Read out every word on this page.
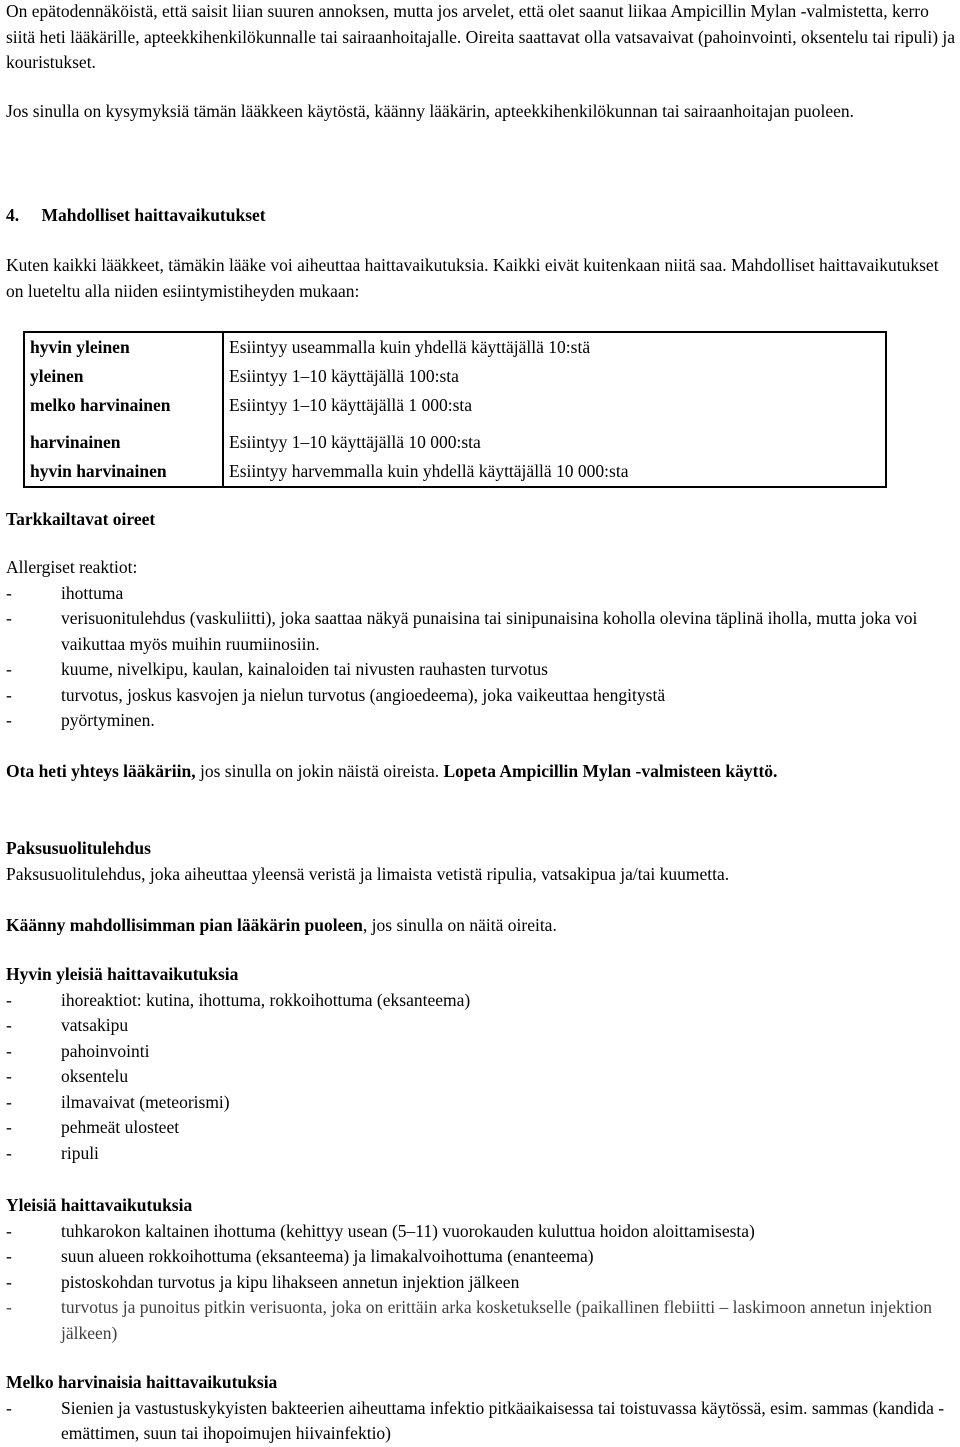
On epätodennäköistä, että saisit liian suuren annoksen, mutta jos arvelet, että olet saanut liikaa Ampicillin Mylan -valmistetta, kerro siitä heti lääkärille, apteekkihenkilökunnalle tai sairaanhoitajalle. Oireita saattavat olla vatsavaivat (pahoinvointi, oksentelu tai ripuli) ja kouristukset.

Jos sinulla on kysymyksiä tämän lääkkeen käytöstä, käänny lääkärin, apteekkihenkilökunnan tai sairaanhoitajan puoleen.

4. Mahdolliset haittavaikutukset

Kuten kaikki lääkkeet, tämäkin lääke voi aiheuttaa haittavaikutuksia. Kaikki eivät kuitenkaan niitä saa. Mahdolliset haittavaikutukset on lueteltu alla niiden esiintymistiheyden mukaan:

hyvin yleinen	Esiintyy useammalla kuin yhdellä käyttäjällä 10:stä
yleinen	Esiintyy 1–10 käyttäjällä 100:sta
melko harvinainen	Esiintyy 1–10 käyttäjällä 1 000:sta
harvinainen	Esiintyy 1–10 käyttäjällä 10 000:sta
hyvin harvinainen	Esiintyy harvemmalla kuin yhdellä käyttäjällä 10 000:sta

Tarkkailtavat oireet

Allergiset reaktiot:

-	ihottuma
-	verisuonitulehdus (vaskuliitti), joka saattaa näkyä punaisina tai sinipunaisina koholla olevina täplinä iholla, mutta joka voi vaikuttaa myös muihin ruumiinosiin.
-	kuume, nivelkipu, kaulan, kainaloiden tai nivusten rauhasten turvotus
-	turvotus, joskus kasvojen ja nielun turvotus (angioedeema), joka vaikeuttaa hengitystä
-	pyörtyminen.

Ota heti yhteys lääkäriin, jos sinulla on jokin näistä oireista. Lopeta Ampicillin Mylan -valmisteen käyttö.

Paksusuolitulehdus

Paksusuolitulehdus, joka aiheuttaa yleensä veristä ja limaista vetistä ripulia, vatsakipua ja/tai kuumetta.

Käänny mahdollisimman pian lääkärin puoleen, jos sinulla on näitä oireita.

Hyvin yleisiä haittavaikutuksia

-	ihoreaktiot: kutina, ihottuma, rokkoihottuma (eksanteema)
-	vatsakipu
-	pahoinvointi
-	oksentelu
-	ilmavaivat (meteorismi)
-	pehmeät ulosteet
-	ripuli

Yleisiä haittavaikutuksia

-	tuhkarokon kaltainen ihottuma (kehittyy usean (5–11) vuorokauden kuluttua hoidon aloittamisesta)
-	suun alueen rokkoihottuma (eksanteema) ja limakalvoihottuma (enanteema)
-	pistoskohdan turvotus ja kipu lihakseen annetun injektion jälkeen
-	turvotus ja punoitus pitkin verisuonta, joka on erittäin arka kosketukselle (paikallinen flebiitti – laskimoon annetun injektion jälkeen)

Melko harvinaisia haittavaikutuksia

-	Sienien ja vastustuskykyisten bakteerien aiheuttama infektio pitkäaikaisessa tai toistuvassa käytössä, esim. sammas (kandida - emättimen, suun tai ihopoimujen hiivainfektio)
